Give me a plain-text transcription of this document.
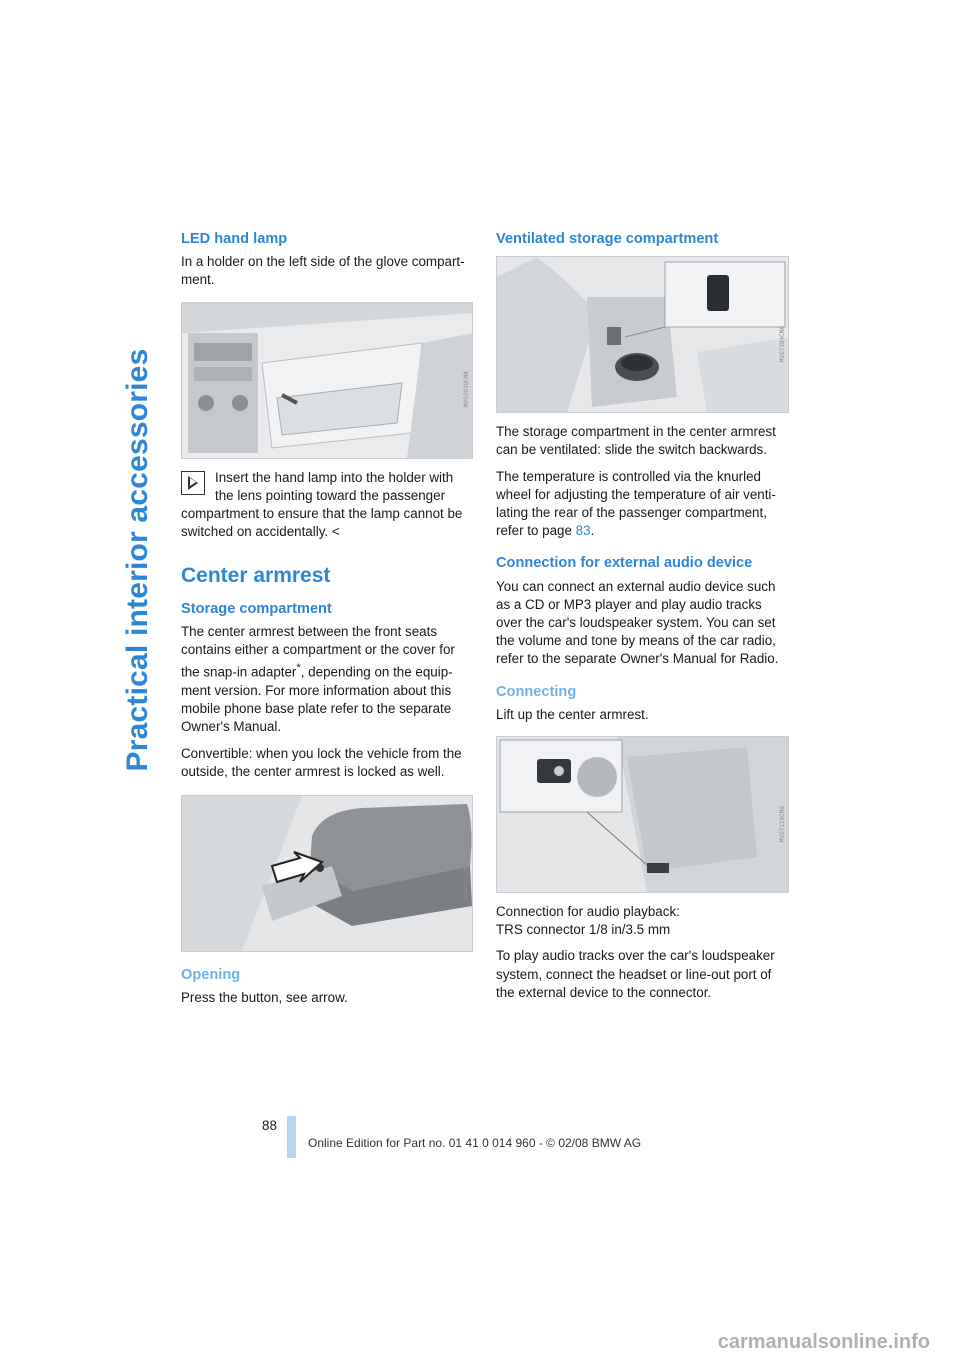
Practical interior accessories
LED hand lamp

In a holder on the left side of the glove compart-ment.

MV02030CMA
Insert the hand lamp into the holder with the lens pointing toward the passenger compartment to ensure that the lamp cannot be switched on accidentally. <
Center armrest
Storage compartment

The center armrest between the front seats contains either a compartment or the cover for the snap-in adapter*, depending on the equip-ment version. For more information about this mobile phone base plate refer to the separate Owner's Manual.

Convertible: when you lock the vehicle from the outside, the center armrest is locked as well.

MV07385CMA
Opening

Press the button, see arrow.

Ventilated storage compartment
MV07384CMA

The storage compartment in the center armrest can be ventilated: slide the switch backwards.

The temperature is controlled via the knurled wheel for adjusting the temperature of air venti-lating the rear of the passenger compartment, refer to page 83.

Connection for external audio device

You can connect an external audio device such as a CD or MP3 player and play audio tracks over the car's loudspeaker system. You can set the volume and tone by means of the car radio, refer to the separate Owner's Manual for Radio.

Connecting

Lift up the center armrest.

MV07116CMA

Connection for audio playback:

TRS connector 1/8 in/3.5 mm

To play audio tracks over the car's loudspeaker system, connect the headset or line-out port of the external device to the connector.

88
Online Edition for Part no. 01 41 0 014 960 - © 02/08 BMW AG
carmanualsonline.info
